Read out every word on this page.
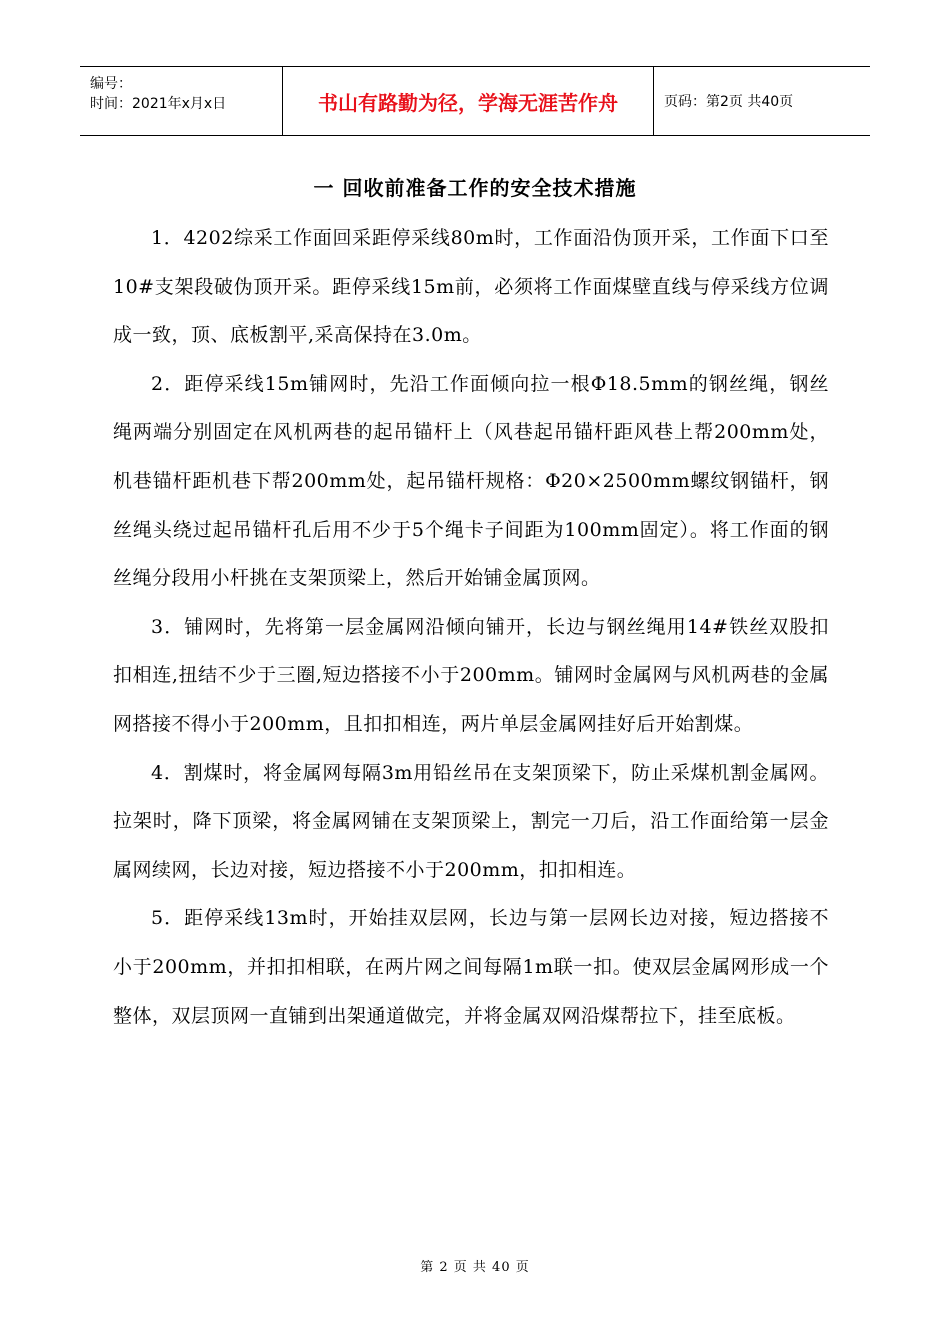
编号：
时间：2021年x月x日	书山有路勤为径，学海无涯苦作舟	页码：第2页 共40页
一 回收前准备工作的安全技术措施

1．4202综采工作面回采距停采线80m时，工作面沿伪顶开采，工作面下口至10#支架段破伪顶开采。距停采线15m前，必须将工作面煤壁直线与停采线方位调成一致，顶、底板割平,采高保持在3.0m。

2．距停采线15m铺网时，先沿工作面倾向拉一根Φ18.5mm的钢丝绳，钢丝绳两端分别固定在风机两巷的起吊锚杆上（风巷起吊锚杆距风巷上帮200mm处，机巷锚杆距机巷下帮200mm处，起吊锚杆规格：Φ20×2500mm螺纹钢锚杆，钢丝绳头绕过起吊锚杆孔后用不少于5个绳卡子间距为100mm固定）。将工作面的钢丝绳分段用小杆挑在支架顶梁上，然后开始铺金属顶网。

3．铺网时，先将第一层金属网沿倾向铺开，长边与钢丝绳用14#铁丝双股扣扣相连,扭结不少于三圈,短边搭接不小于200mm。铺网时金属网与风机两巷的金属网搭接不得小于200mm，且扣扣相连，两片单层金属网挂好后开始割煤。

4．割煤时，将金属网每隔3m用铅丝吊在支架顶梁下，防止采煤机割金属网。拉架时，降下顶梁，将金属网铺在支架顶梁上，割完一刀后，沿工作面给第一层金属网续网，长边对接，短边搭接不小于200mm，扣扣相连。

5．距停采线13m时，开始挂双层网，长边与第一层网长边对接，短边搭接不小于200mm，并扣扣相联，在两片网之间每隔1m联一扣。使双层金属网形成一个整体，双层顶网一直铺到出架通道做完，并将金属双网沿煤帮拉下，挂至底板。

第 2 页 共 40 页
